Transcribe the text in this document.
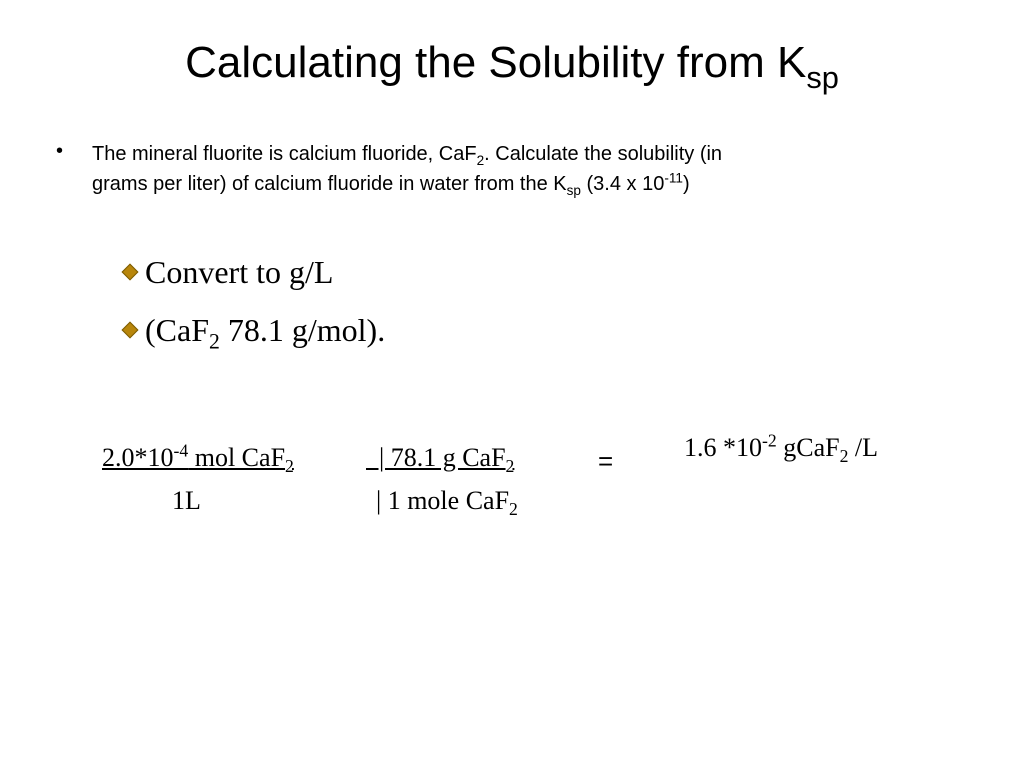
Calculating the Solubility from $K_{sp}$
• The mineral fluorite is calcium fluoride, CaF$_2$. Calculate the solubility (in
grams per liter) of calcium fluoride in water from the $K_{sp}$ (3.4 x $10^{-11}$)
Convert to g/L
(CaF$_2$ 78.1 g/mol).
$2.0*10^{-4}$ mol CaF$_2$	| 78.1 g CaF$_2$	=
1L	| 1 mole CaF$_2$
1.6 $*10^{-2}$ gCaF$_2$ /L
